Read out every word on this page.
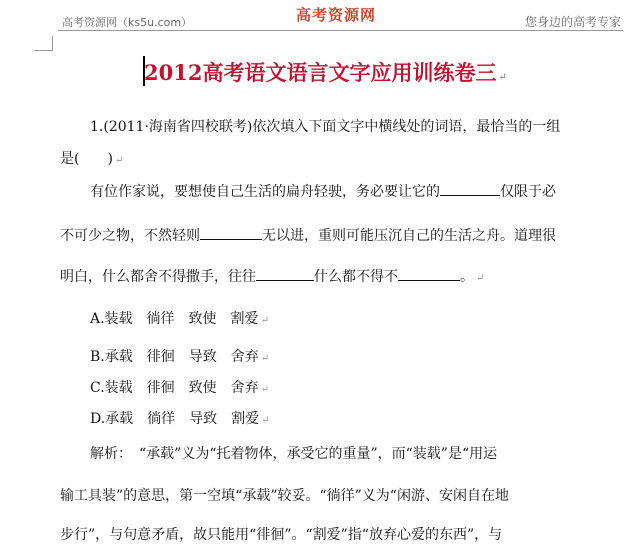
高考资源网（ks5u.com）	高考资源网	您身边的高考专家
2012高考语文语言文字应用训练卷三 ↵
1.(2011·海南省四校联考)依次填入下面文字中横线处的词语，最恰当的一组
是(　　) ↵
有位作家说，要想使自己生活的扁舟轻驶，务必要让它的	仅限于必
不可少之物，不然轻则	无以进，重则可能压沉自己的生活之舟。道理很
明白，什么都舍不得撒手，往往	什么都不得不	。 ↵
A.装载　徜徉　致使　割爱 ↵
B.承载　徘徊　导致　舍弃 ↵
C.装载　徘徊　致使　舍弃 ↵
D.承载　徜徉　导致　割爱 ↵
解析：　“承载”义为“托着物体，承受它的重量”，而“装载”是“用运
输工具装”的意思，第一空填“承载”较妥。“徜徉”义为“闲游、安闲自在地
步行”，与句意矛盾，故只能用“徘徊”。“割爱”指“放弃心爱的东西”，与
